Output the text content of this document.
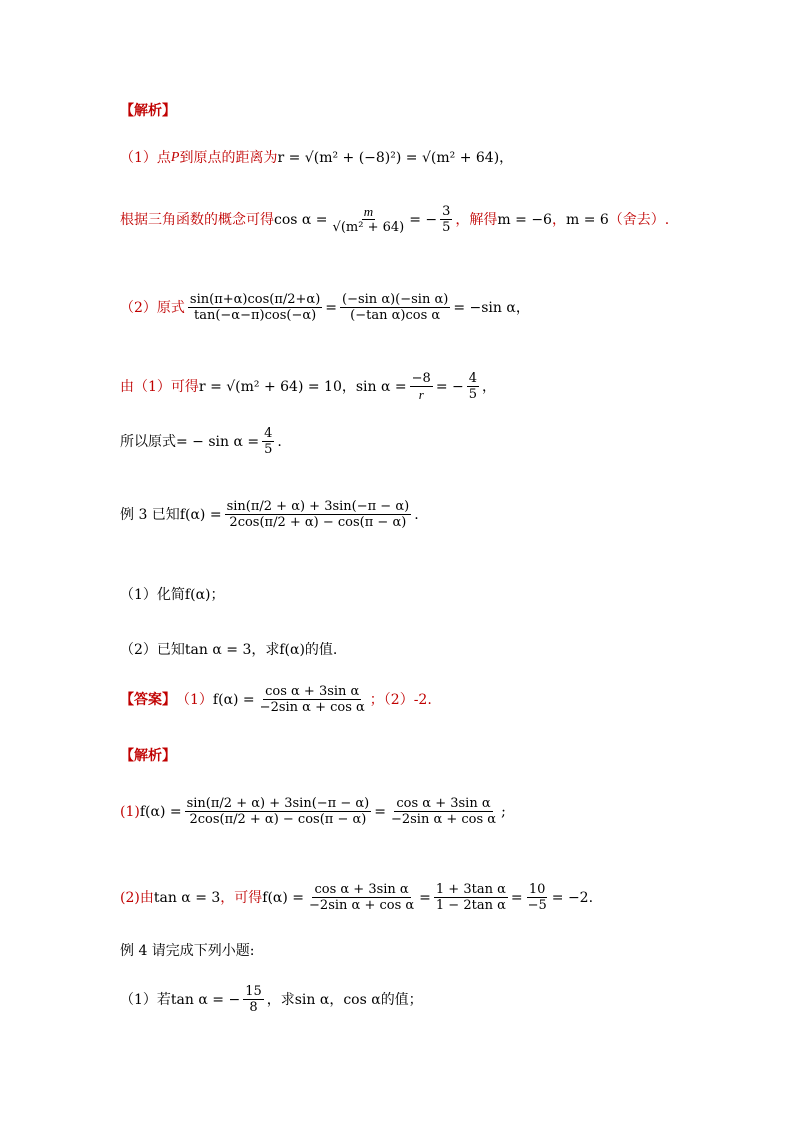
【解析】
（1）点 P 到原点的距离为 r = √(m² + (−8)²) = √(m² + 64) ，
根据三角函数的概念可得 $\cos \alpha = \frac{m}{\text{√(m² + 64)}}$ = − $\frac{3}{5}$ ，解得 m = −6 ， m = 6 （舍去）.
（2）原式 $\frac{\sin(\pi+\alpha)\cos(\pi/2+\alpha)}{\tan(-\alpha-\pi)\cos(-\alpha)} = \frac{\text{(−sin α)(−sin α)}}{\text{(−tan α)cos α}} = -\sin$ α ，
由（1）可得 r = √(m² + 64) = 10 ， $\sin \alpha = \frac{-8}{r}$ = − $\frac{4}{5}$ ，
所以原式 = − $\sin \alpha = \frac{4}{5}$ .
例 3 已知 $f(\alpha) = \frac{\sin(\pi/2 + \alpha) + 3\sin(-\pi - \alpha)}{2\cos(\pi/2 + \alpha) - \cos(\pi - \alpha)}$ .
（1）化简 f(α) ；
（2）已知 tan α = 3 ，求 f(α) 的值.
【答案】 （1） $f(\alpha) = \frac{\text{cos α + 3sin α}}{\text{−2sin α + cos α}}$ ；（2）-2.
【解析】
(1) $f(\alpha) = \frac{\sin(\pi/2 + \alpha) + 3\sin(-\pi - \alpha)}{2\cos(\pi/2 + \alpha) - \cos(\pi - \alpha)} = \frac{\text{cos α + 3sin α}}{\text{−2sin α + cos α}}$ ;
(2)由 tan α = 3 ，可得 $f(\alpha) = \frac{\text{cos α + 3sin α}}{\text{−2sin α + cos α}} = \frac{\text{1 + 3tan α}}{\text{1 − 2tan α}} = \frac{10}{-5} = -2$ .
例 4 请完成下列小题:
（1）若 tan α = − $\frac{15}{8}$ ，求 sin α ， cos α 的值；
